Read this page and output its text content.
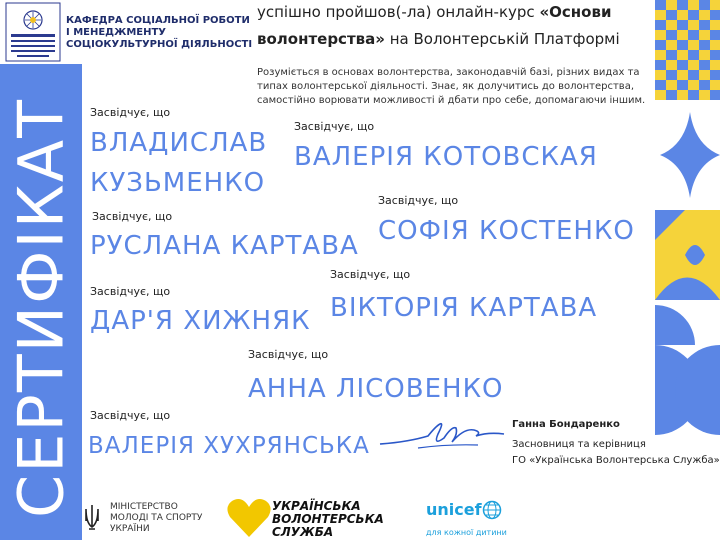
СЕРТИФІКАТ
КАФЕДРА СОЦІАЛЬНОЇ РОБОТИ
І МЕНЕДЖМЕНТУ
СОЦІОКУЛЬТУРНОЇ ДІЯЛЬНОСТІ
успішно пройшов(-ла) онлайн-курс «Основи
волонтерства» на Волонтерській Платформі
Розуміється в основах волонтерства, законодавчій базі, різних видах та типах волонтерської діяльності. Знає, як долучитись до волонтерства, самостійно ворювати можливості й дбати про себе, допомагаючи іншим.
Засвідчує, що
ВЛАДИСЛАВ
КУЗЬМЕНКО
Засвідчує, що
ВАЛЕРІЯ КОТОВСКАЯ
Засвідчує, що
РУСЛАНА КАРТАВА
Засвідчує, що
СОФІЯ КОСТЕНКО
Засвідчує, що
ДАР'Я ХИЖНЯК
Засвідчує, що
ВІКТОРІЯ КАРТАВА
Засвідчує, що
АННА ЛІСОВЕНКО
Засвідчує, що
ВАЛЕРІЯ ХУХРЯНСЬКА
Ганна Бондаренко
Засновниця та керівниця
ГО «Українська Волонтерська Служба»
МІНІСТЕРСТВО
МОЛОДІ ТА СПОРТУ
УКРАЇНИ
УКРАЇНСЬКА
ВОЛОНТЕРСЬКА
СЛУЖБА
unicef
для кожної дитини
